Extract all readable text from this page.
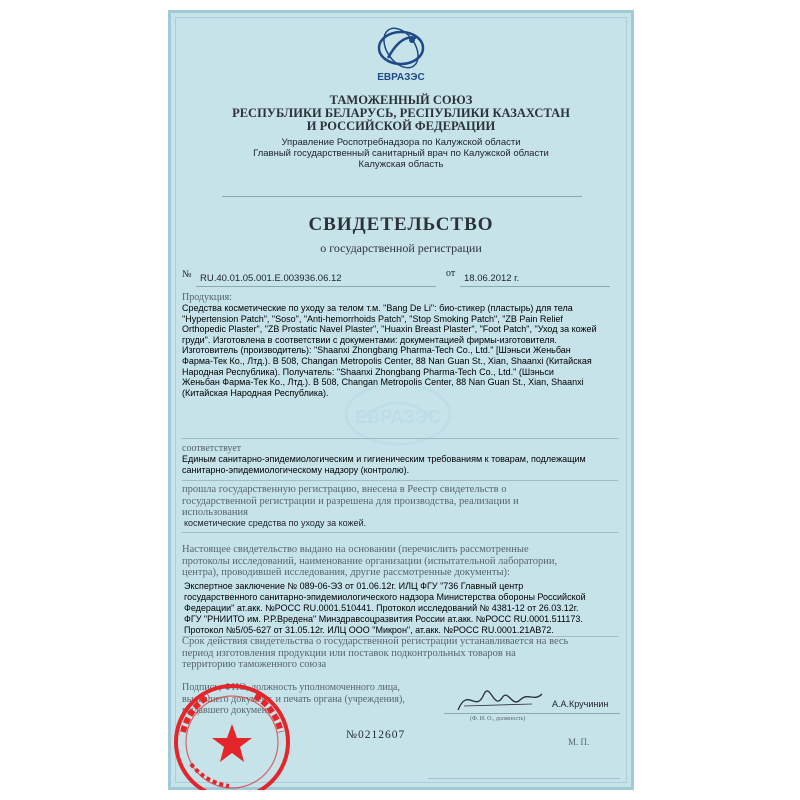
ЕВРАЗЭС
ЕВРАЗЭС

ТАМОЖЕННЫЙ СОЮЗ

РЕСПУБЛИКИ БЕЛАРУСЬ, РЕСПУБЛИКИ КАЗАХСТАН

И РОССИЙСКОЙ ФЕДЕРАЦИИ

Управление Роспотребнадзора по Калужской области

Главный государственный санитарный врач по Калужской области

Калужская область

СВИДЕТЕЛЬСТВО
о государственной регистрации
№ RU.40.01.05.001.E.003936.06.12	от 18.06.2012 г.
Продукция:

Средства косметические по уходу за телом т.м. "Bang De Li": био-стикер (пластырь) для тела

"Hypertension Patch", "Soso", "Anti-hemorrhoids Patch", "Stop Smoking Patch", "ZB Pain Relief

Orthopedic Plaster", "ZB Prostatic Navel Plaster", "Huaxin Breast Plaster", "Foot Patch", "Уход за кожей

груди". Изготовлена в соответствии с документами: документацией фирмы-изготовителя.

Изготовитель (производитель): "Shaanxi Zhongbang Pharma-Tech Co., Ltd." [Шэньси Женьбан

Фарма-Тек Ко., Лтд.). В 508, Changan Metropolis Center, 88 Nan Guan St., Xian, Shaanxi (Китайская

Народная Республика). Получатель: "Shaanxi Zhongbang Pharma-Tech Co., Ltd." (Шэньси

Женьбан Фарма-Тек Ко., Лтд.). В 508, Changan Metropolis Center, 88 Nan Guan St., Xian, Shaanxi

(Китайская Народная Республика).

соответствует

Единым санитарно-эпидемиологическим и гигиеническим требованиям к товарам, подлежащим

санитарно-эпидемиологическому надзору (контролю).

прошла государственную регистрацию, внесена в Реестр свидетельств о

государственной регистрации и разрешена для производства, реализации и

использования

косметические средства по уходу за кожей.

Настоящее свидетельство выдано на основании (перечислить рассмотренные

протоколы исследований, наименование организации (испытательной лаборатории,

центра), проводившей исследования, другие рассмотренные документы):

Экспертное заключение № 089-06-ЭЗ от 01.06.12г. ИЛЦ ФГУ "736 Главный центр

государственного санитарно-эпидемиологического надзора Министерства обороны Российской

Федерации" ат.акк. №РОСС RU.0001.510441. Протокол исследований № 4381-12 от 26.03.12г.

ФГУ "РНИИТО им. Р.Р.Вредена" Минздравсоцразвития России ат.акк. №РОСС RU.0001.511173.

Протокол №5/05-627 от 31.05.12г. ИЛЦ ООО "Микрон", ат.акк. №РОСС RU.0001.21АВ72.

Срок действия свидетельства о государственной регистрации устанавливается на весь

период изготовления продукции или поставок подконтрольных товаров на

территорию таможенного союза

Подпись, ФИО, должность уполномоченного лица,

выдавшего документ, и печать органа (учреждения),

выдавшего документ

А.А.Кручинин
(Ф. И. О., должность)
№0212607
М. П.
